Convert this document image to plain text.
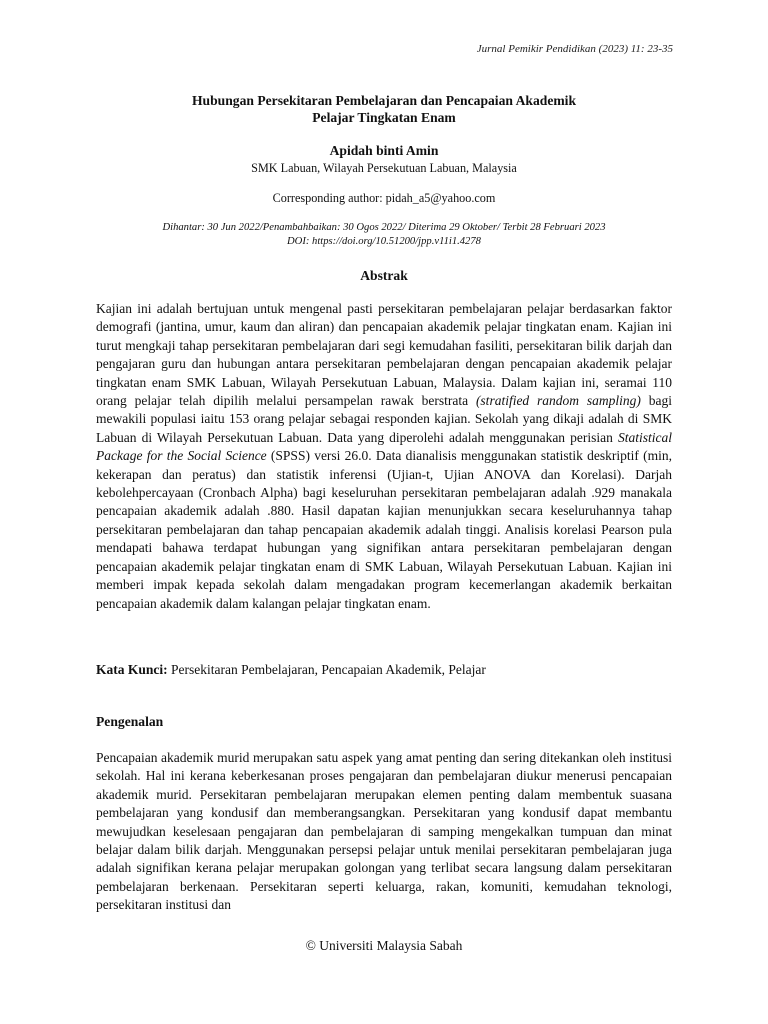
Jurnal Pemikir Pendidikan (2023) 11: 23-35
Hubungan Persekitaran Pembelajaran dan Pencapaian Akademik
Pelajar Tingkatan Enam
Apidah binti Amin
SMK Labuan, Wilayah Persekutuan Labuan, Malaysia
Corresponding author: pidah_a5@yahoo.com
Dihantar: 30 Jun 2022/Penambahbaikan: 30 Ogos 2022/ Diterima 29 Oktober/ Terbit 28 Februari 2023
DOI: https://doi.org/10.51200/jpp.v11i1.4278
Abstrak
Kajian ini adalah bertujuan untuk mengenal pasti persekitaran pembelajaran pelajar berdasarkan faktor demografi (jantina, umur, kaum dan aliran) dan pencapaian akademik pelajar tingkatan enam. Kajian ini turut mengkaji tahap persekitaran pembelajaran dari segi kemudahan fasiliti, persekitaran bilik darjah dan pengajaran guru dan hubungan antara persekitaran pembelajaran dengan pencapaian akademik pelajar tingkatan enam SMK Labuan, Wilayah Persekutuan Labuan, Malaysia. Dalam kajian ini, seramai 110 orang pelajar telah dipilih melalui persampelan rawak berstrata (stratified random sampling) bagi mewakili populasi iaitu 153 orang pelajar sebagai responden kajian. Sekolah yang dikaji adalah di SMK Labuan di Wilayah Persekutuan Labuan. Data yang diperolehi adalah menggunakan perisian Statistical Package for the Social Science (SPSS) versi 26.0. Data dianalisis menggunakan statistik deskriptif (min, kekerapan dan peratus) dan statistik inferensi (Ujian-t, Ujian ANOVA dan Korelasi). Darjah kebolehpercayaan (Cronbach Alpha) bagi keseluruhan persekitaran pembelajaran adalah .929 manakala pencapaian akademik adalah .880. Hasil dapatan kajian menunjukkan secara keseluruhannya tahap persekitaran pembelajaran dan tahap pencapaian akademik adalah tinggi. Analisis korelasi Pearson pula mendapati bahawa terdapat hubungan yang signifikan antara persekitaran pembelajaran dengan pencapaian akademik pelajar tingkatan enam di SMK Labuan, Wilayah Persekutuan Labuan. Kajian ini memberi impak kepada sekolah dalam mengadakan program kecemerlangan akademik berkaitan pencapaian akademik dalam kalangan pelajar tingkatan enam.
Kata Kunci: Persekitaran Pembelajaran, Pencapaian Akademik, Pelajar
Pengenalan
Pencapaian akademik murid merupakan satu aspek yang amat penting dan sering ditekankan oleh institusi sekolah. Hal ini kerana keberkesanan proses pengajaran dan pembelajaran diukur menerusi pencapaian akademik murid. Persekitaran pembelajaran merupakan elemen penting dalam membentuk suasana pembelajaran yang kondusif dan memberangsangkan. Persekitaran yang kondusif dapat membantu mewujudkan keselesaan pengajaran dan pembelajaran di samping mengekalkan tumpuan dan minat belajar dalam bilik darjah. Menggunakan persepsi pelajar untuk menilai persekitaran pembelajaran juga adalah signifikan kerana pelajar merupakan golongan yang terlibat secara langsung dalam persekitaran pembelajaran berkenaan. Persekitaran seperti keluarga, rakan, komuniti, kemudahan teknologi, persekitaran institusi dan
© Universiti Malaysia Sabah
